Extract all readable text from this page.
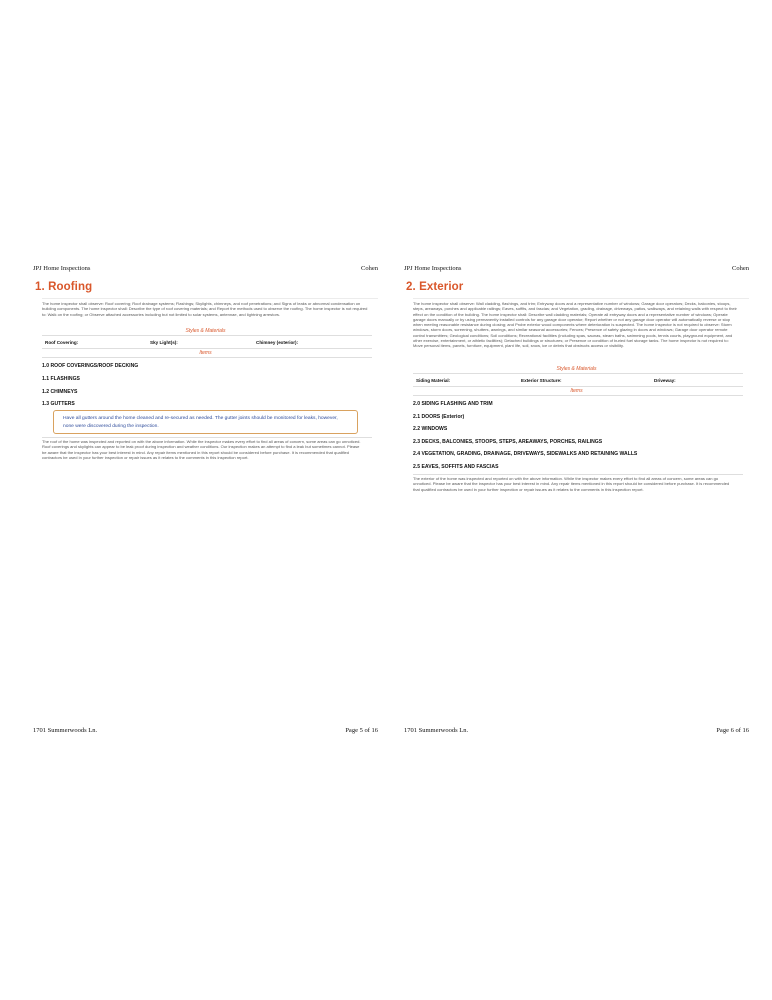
JPJ Home Inspections	Cohen
1. Roofing

The home inspector shall observe: Roof covering; Roof drainage systems; Flashings; Skylights, chimneys, and roof penetrations; and Signs of leaks or abnormal condensation on building components. The home inspector shall: Describe the type of roof covering materials; and Report the methods used to observe the roofing. The home inspector is not required to: Walk on the roofing; or Observe attached accessories including but not limited to solar systems, antennae, and lightning arrestors.

Styles & Materials
Roof Covering:	Sky Light(s):	Chimney (exterior):
Items
1.0 ROOF COVERINGS/ROOF DECKING
1.1 FLASHINGS
1.2 CHIMNEYS
1.3 GUTTERS

Have all gutters around the home cleaned and re-secured as needed. The gutter joints should be monitored for leaks, however, none were discovered during the inspection.

The roof of the home was inspected and reported on with the above information. While the inspector makes every effort to find all areas of concern, some areas can go unnoticed. Roof coverings and skylights can appear to be leak proof during inspection and weather conditions. Our inspection makes an attempt to find a leak but sometimes cannot. Please be aware that the inspector has your best interest in mind. Any repair items mentioned in this report should be considered before purchase. It is recommended that qualified contractors be used in your further inspection or repair issues as it relates to the comments in this inspection report.

1701 Summerwoods Ln.	Page 5 of 16
JPJ Home Inspections	Cohen
2. Exterior

The home inspector shall observe: Wall cladding, flashings, and trim; Entryway doors and a representative number of windows; Garage door operators; Decks, balconies, stoops, steps, areaways, porches and applicable railings; Eaves, soffits, and fascias; and Vegetation, grading, drainage, driveways, patios, walkways, and retaining walls with respect to their effect on the condition of the building. The home inspector shall: Describe wall cladding materials; Operate all entryway doors and a representative number of windows; Operate garage doors manually or by using permanently installed controls for any garage door operator; Report whether or not any garage door operator will automatically reverse or stop when meeting reasonable resistance during closing; and Probe exterior wood components where deterioration is suspected. The home inspector is not required to observe: Storm windows, storm doors, screening, shutters, awnings, and similar seasonal accessories; Fences; Presence of safety glazing in doors and windows; Garage door operator remote control transmitters; Geological conditions; Soil conditions; Recreational facilities (including spas, saunas, steam baths, swimming pools, tennis courts, playground equipment, and other exercise, entertainment, or athletic facilities); Detached buildings or structures; or Presence or condition of buried fuel storage tanks. The home inspector is not required to: Move personal items, panels, furniture, equipment, plant life, soil, snow, ice or debris that obstructs access or visibility.

Styles & Materials
Siding Material:	Exterior Structure:	Driveway:
Items
2.0 SIDING FLASHING AND TRIM
2.1 DOORS (Exterior)
2.2 WINDOWS
2.3 DECKS, BALCONIES, STOOPS, STEPS, AREAWAYS, PORCHES, RAILINGS
2.4 VEGETATION, GRADING, DRAINAGE, DRIVEWAYS, SIDEWALKS AND RETAINING WALLS
2.5 EAVES, SOFFITS AND FASCIAS

The exterior of the home was inspected and reported on with the above information. While the inspector makes every effort to find all areas of concern, some areas can go unnoticed. Please be aware that the inspector has your best interest in mind. Any repair items mentioned in this report should be considered before purchase. It is recommended that qualified contractors be used in your further inspection or repair issues as it relates to the comments in this inspection report.

1701 Summerwoods Ln.	Page 6 of 16
